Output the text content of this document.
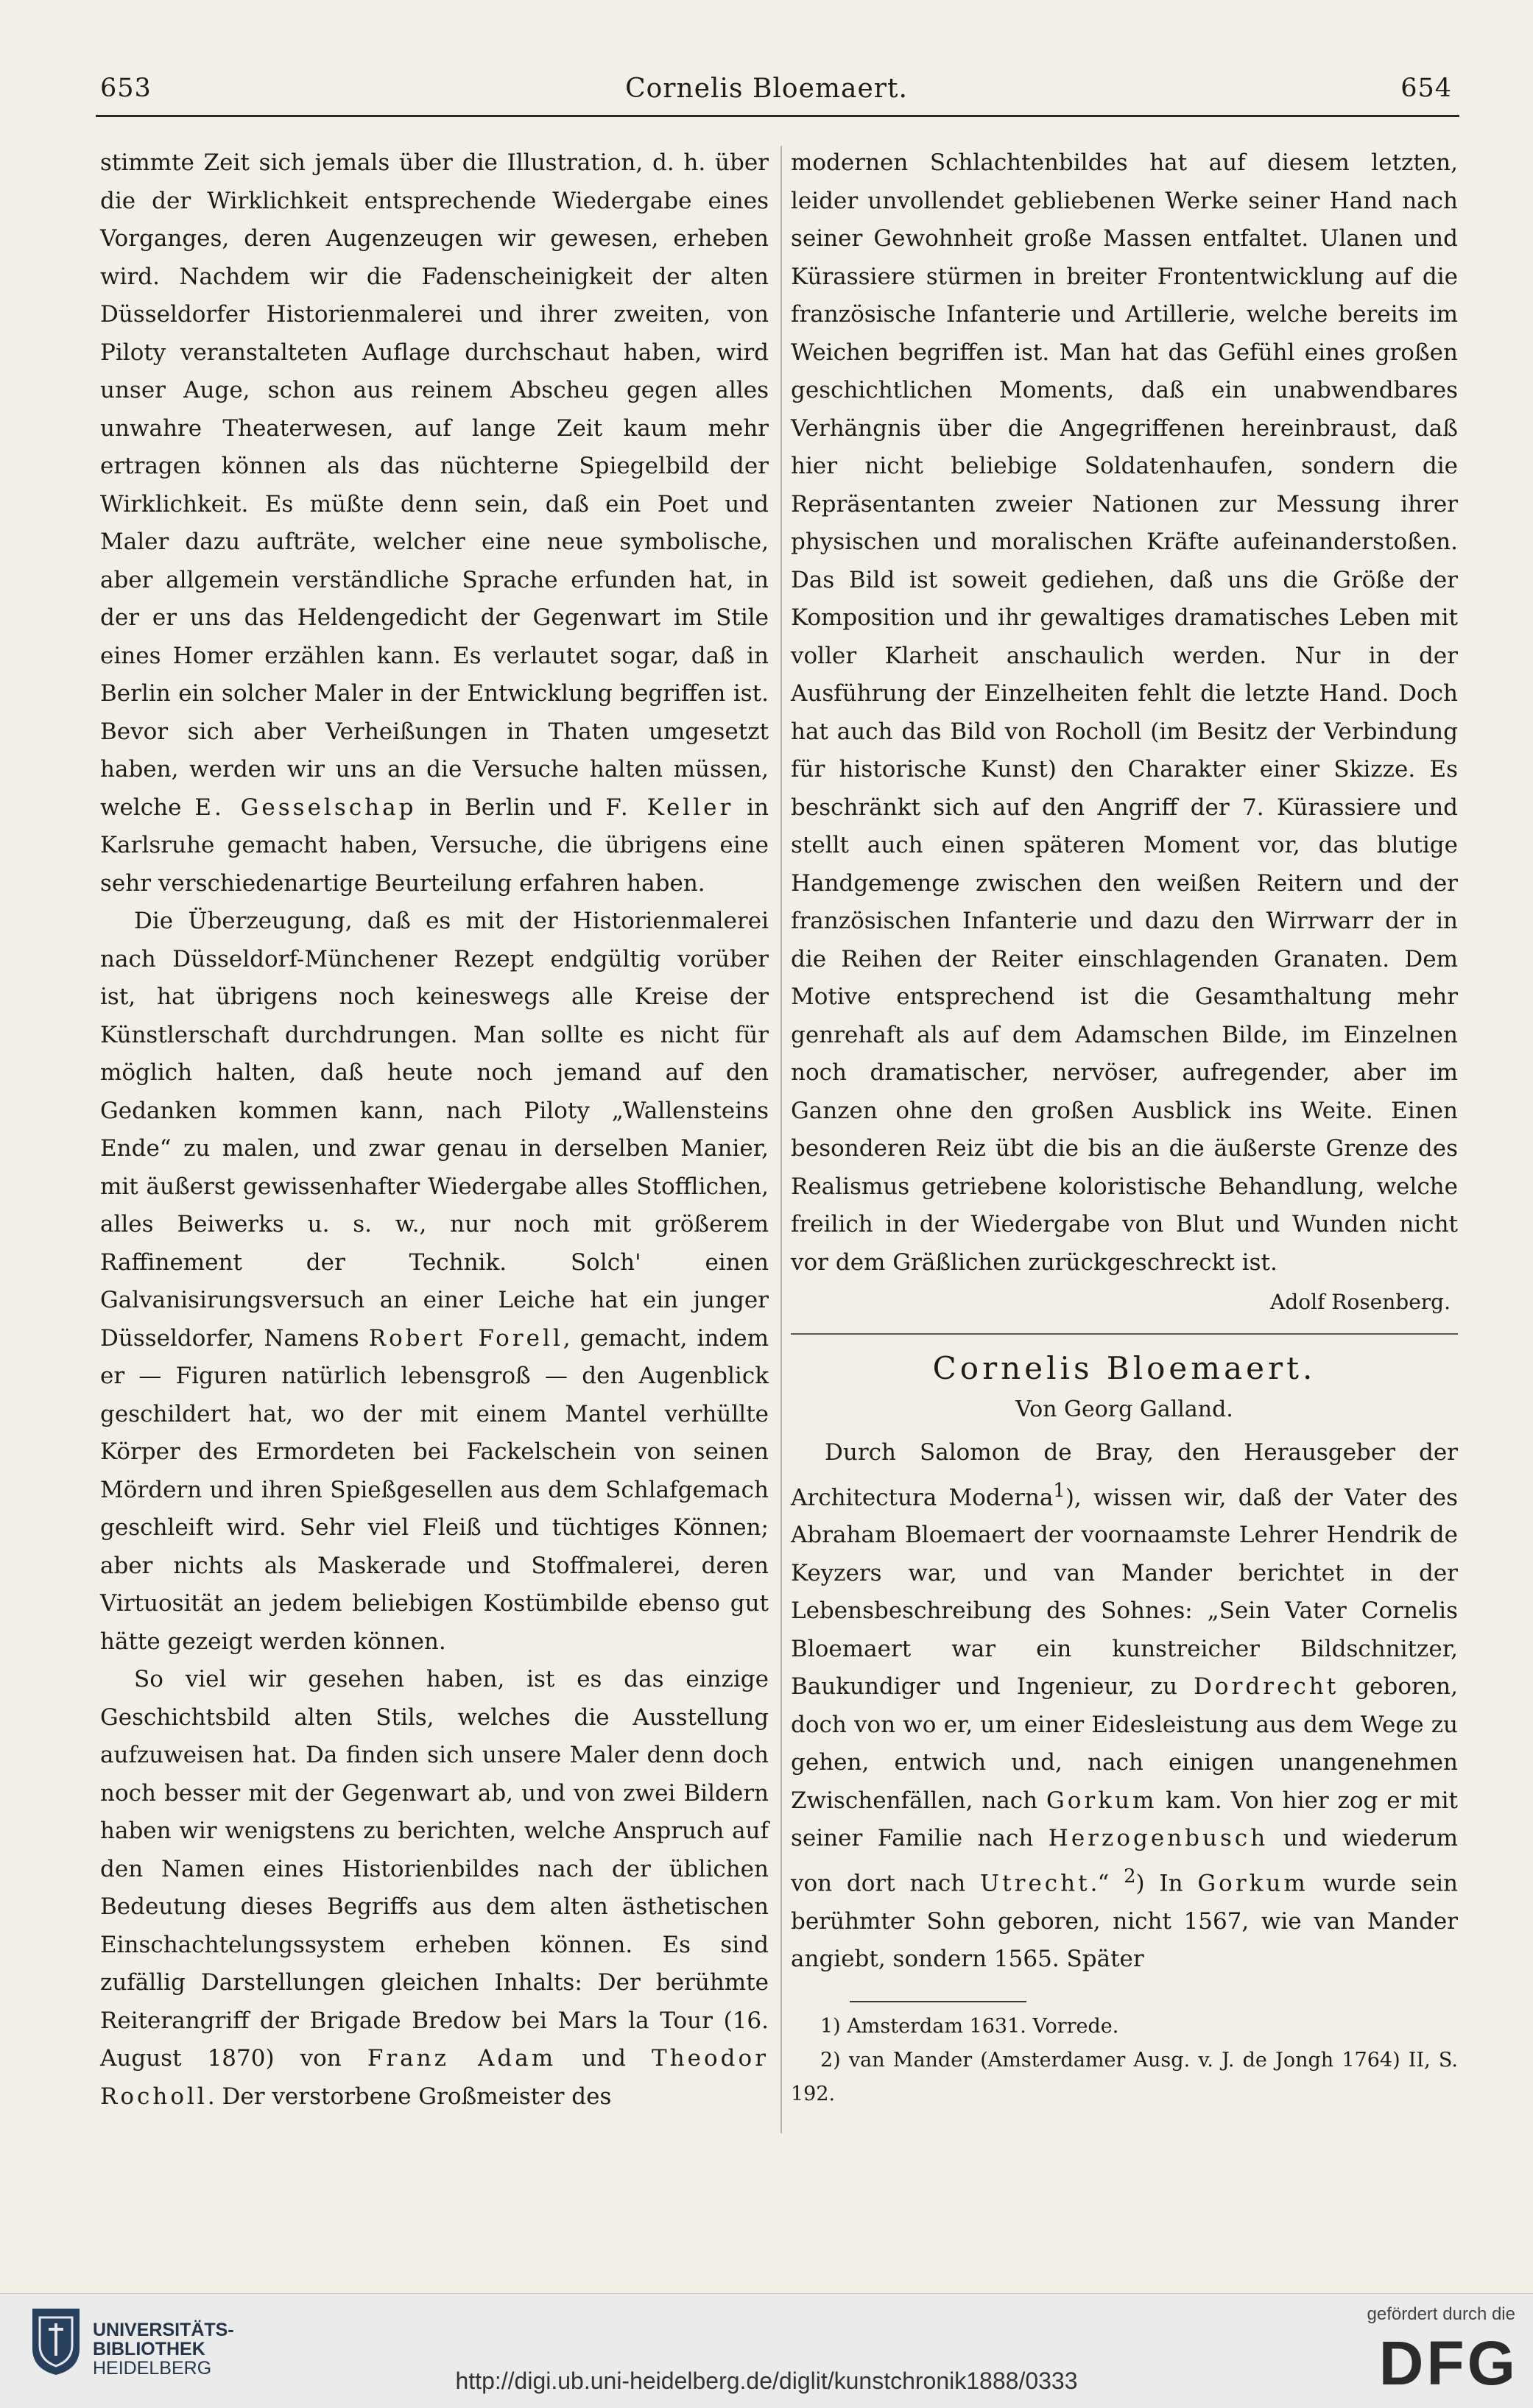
653	Cornelis Bloemaert.	654

stimmte Zeit sich jemals über die Illustration, d. h. über die der Wirklichkeit entsprechende Wiedergabe eines Vorganges, deren Augenzeugen wir gewesen, erheben wird. Nachdem wir die Fadenscheinigkeit der alten Düsseldorfer Historienmalerei und ihrer zweiten, von Piloty veranstalteten Auflage durchschaut haben, wird unser Auge, schon aus reinem Abscheu gegen alles unwahre Theaterwesen, auf lange Zeit kaum mehr ertragen können als das nüchterne Spiegelbild der Wirklichkeit. Es müßte denn sein, daß ein Poet und Maler dazu aufträte, welcher eine neue symbolische, aber allgemein verständliche Sprache erfunden hat, in der er uns das Heldengedicht der Gegenwart im Stile eines Homer erzählen kann. Es verlautet sogar, daß in Berlin ein solcher Maler in der Entwicklung begriffen ist. Bevor sich aber Verheißungen in Thaten umgesetzt haben, werden wir uns an die Versuche halten müssen, welche E. Gesselschap in Berlin und F. Keller in Karlsruhe gemacht haben, Versuche, die übrigens eine sehr verschiedenartige Beurteilung erfahren haben.

Die Überzeugung, daß es mit der Historienmalerei nach Düsseldorf-Münchener Rezept endgültig vorüber ist, hat übrigens noch keineswegs alle Kreise der Künstlerschaft durchdrungen. Man sollte es nicht für möglich halten, daß heute noch jemand auf den Gedanken kommen kann, nach Piloty „Wallensteins Ende“ zu malen, und zwar genau in derselben Manier, mit äußerst gewissenhafter Wiedergabe alles Stofflichen, alles Beiwerks u. s. w., nur noch mit größerem Raffinement der Technik. Solch' einen Galvanisirungsversuch an einer Leiche hat ein junger Düsseldorfer, Namens Robert Forell, gemacht, indem er — Figuren natürlich lebensgroß — den Augenblick geschildert hat, wo der mit einem Mantel verhüllte Körper des Ermordeten bei Fackelschein von seinen Mördern und ihren Spießgesellen aus dem Schlafgemach geschleift wird. Sehr viel Fleiß und tüchtiges Können; aber nichts als Maskerade und Stoffmalerei, deren Virtuosität an jedem beliebigen Kostümbilde ebenso gut hätte gezeigt werden können.

So viel wir gesehen haben, ist es das einzige Geschichtsbild alten Stils, welches die Ausstellung aufzuweisen hat. Da finden sich unsere Maler denn doch noch besser mit der Gegenwart ab, und von zwei Bildern haben wir wenigstens zu berichten, welche Anspruch auf den Namen eines Historienbildes nach der üblichen Bedeutung dieses Begriffs aus dem alten ästhetischen Einschachtelungssystem erheben können. Es sind zufällig Darstellungen gleichen Inhalts: Der berühmte Reiterangriff der Brigade Bredow bei Mars la Tour (16. August 1870) von Franz Adam und Theodor Rocholl. Der verstorbene Großmeister des

modernen Schlachtenbildes hat auf diesem letzten, leider unvollendet gebliebenen Werke seiner Hand nach seiner Gewohnheit große Massen entfaltet. Ulanen und Kürassiere stürmen in breiter Frontentwicklung auf die französische Infanterie und Artillerie, welche bereits im Weichen begriffen ist. Man hat das Gefühl eines großen geschichtlichen Moments, daß ein unabwendbares Verhängnis über die Angegriffenen hereinbraust, daß hier nicht beliebige Soldatenhaufen, sondern die Repräsentanten zweier Nationen zur Messung ihrer physischen und moralischen Kräfte aufeinanderstoßen. Das Bild ist soweit gediehen, daß uns die Größe der Komposition und ihr gewaltiges dramatisches Leben mit voller Klarheit anschaulich werden. Nur in der Ausführung der Einzelheiten fehlt die letzte Hand. Doch hat auch das Bild von Rocholl (im Besitz der Verbindung für historische Kunst) den Charakter einer Skizze. Es beschränkt sich auf den Angriff der 7. Kürassiere und stellt auch einen späteren Moment vor, das blutige Handgemenge zwischen den weißen Reitern und der französischen Infanterie und dazu den Wirrwarr der in die Reihen der Reiter einschlagenden Granaten. Dem Motive entsprechend ist die Gesamthaltung mehr genrehaft als auf dem Adamschen Bilde, im Einzelnen noch dramatischer, nervöser, aufregender, aber im Ganzen ohne den großen Ausblick ins Weite. Einen besonderen Reiz übt die bis an die äußerste Grenze des Realismus getriebene koloristische Behandlung, welche freilich in der Wiedergabe von Blut und Wunden nicht vor dem Gräßlichen zurückgeschreckt ist.

Adolf Rosenberg.

Cornelis Bloemaert.

Von Georg Galland.

Durch Salomon de Bray, den Herausgeber der Architectura Moderna$^1$), wissen wir, daß der Vater des Abraham Bloemaert der voornaamste Lehrer Hendrik de Keyzers war, und van Mander berichtet in der Lebensbeschreibung des Sohnes: „Sein Vater Cornelis Bloemaert war ein kunstreicher Bildschnitzer, Baukundiger und Ingenieur, zu Dordrecht geboren, doch von wo er, um einer Eidesleistung aus dem Wege zu gehen, entwich und, nach einigen unangenehmen Zwischenfällen, nach Gorkum kam. Von hier zog er mit seiner Familie nach Herzogenbusch und wiederum von dort nach Utrecht.“ $^2$) In Gorkum wurde sein berühmter Sohn geboren, nicht 1567, wie van Mander angiebt, sondern 1565. Später

1) Amsterdam 1631. Vorrede.

2) van Mander (Amsterdamer Ausg. v. J. de Jongh 1764) II, S. 192.

UNIVERSITÄTS-
BIBLIOTHEK
HEIDELBERG	http://digi.ub.uni-heidelberg.de/diglit/kunstchronik1888/0333
gefördert durch die
DFG
